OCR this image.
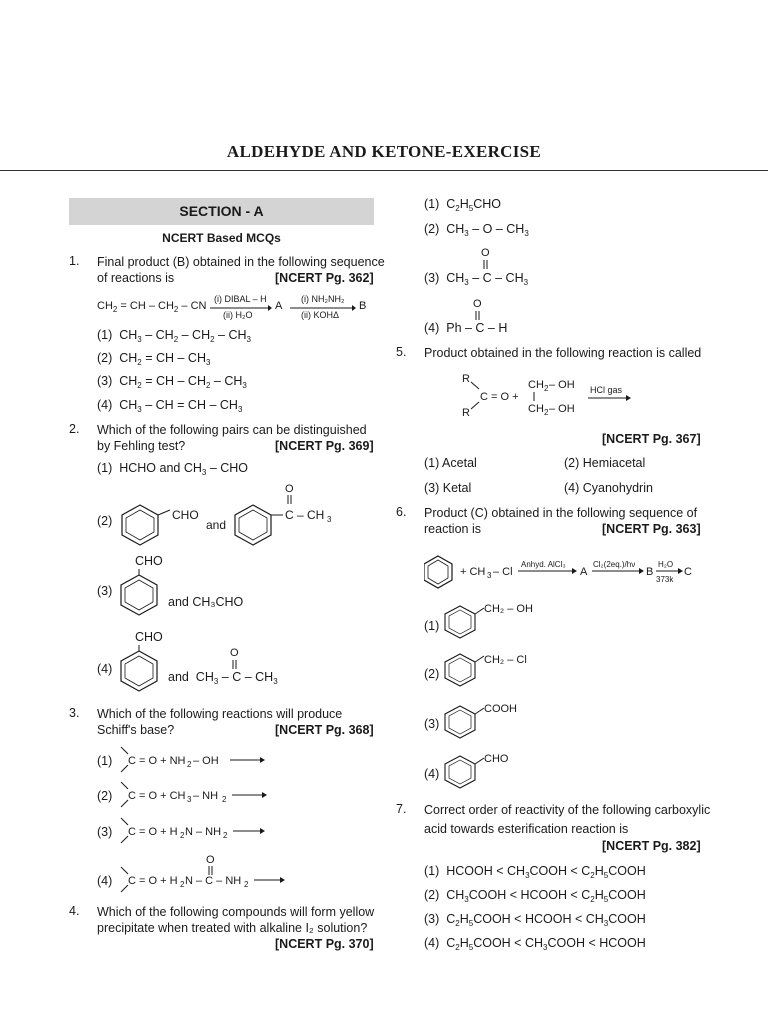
ALDEHYDE AND KETONE-EXERCISE
SECTION - A
NCERT Based MCQs
1.	Final product (B) obtained in the following sequence
of reactions is	[NCERT Pg. 362]
$CH_2$ = CH – $CH_2$ – CN
(i) DIBAL – H
(ii) H₂O
A
(i) NH₂NH₂
(ii) KOHΔ
B
(1)  $CH_3 - CH_2 - CH_2 - CH_3$
(2)  $CH_2$ = CH – $CH_3$
(3)  $CH_2$ = CH – $CH_2 - CH_3$
(4)  $CH_3$ – CH = CH – $CH_3$
2.	Which of the following pairs can be distinguished
by Fehling test?	[NCERT Pg. 369]
(1)  HCHO and $CH_3$ – CHO
(2)	CHO
and
O
C – CH 3
(3)
CHO
and CH₃CHO
(4)
CHO
O
and  $CH_3$ – C – $CH_3$
3.	Which of the following reactions will produce
Schiff's base?	[NCERT Pg. 368]
(1) C = O + NH 2 – OH
(2) C = O + CH 3 – NH 2
(3) C = O + H 2 N – NH 2
(4)
O
C = O + H 2 N – C – NH 2
4.	Which of the following compounds will form yellow
precipitate when treated with alkaline I₂ solution?
[NCERT Pg. 370]
(1)  $C_2H_5CHO$
(2)  $CH_3$ – O – $CH_3$
O
(3)  $CH_3$ – C – $CH_3$
O
(4)  Ph – C – H
5.	Product obtained in the following reaction is called
R
C = O +
R
CH 2 – OH
CH 2 – OH
HCl gas
[NCERT Pg. 367]
(1) Acetal	(2) Hemiacetal
(3) Ketal	(4) Cyanohydrin
6.	Product (C) obtained in the following sequence of
reaction is	[NCERT Pg. 363]
+ CH 3 – Cl	A	B	C
Anhyd. AlCl₃	Cl₂(2eq.)/hν	H₂O
373k
(1)
CH₂ – OH
(2)
CH₂ – Cl
(3)
COOH
(4)
CHO
7.	Correct order of reactivity of the following carboxylic
acid towards esterification reaction is
[NCERT Pg. 382]
(1)  HCOOH < $CH_3COOH$ < $C_2H_5COOH$
(2)  $CH_3COOH$ < HCOOH < $C_2H_5COOH$
(3)  $C_2H_5COOH$ < HCOOH < $CH_3COOH$
(4)  $C_2H_5COOH$ < $CH_3COOH$ < HCOOH
